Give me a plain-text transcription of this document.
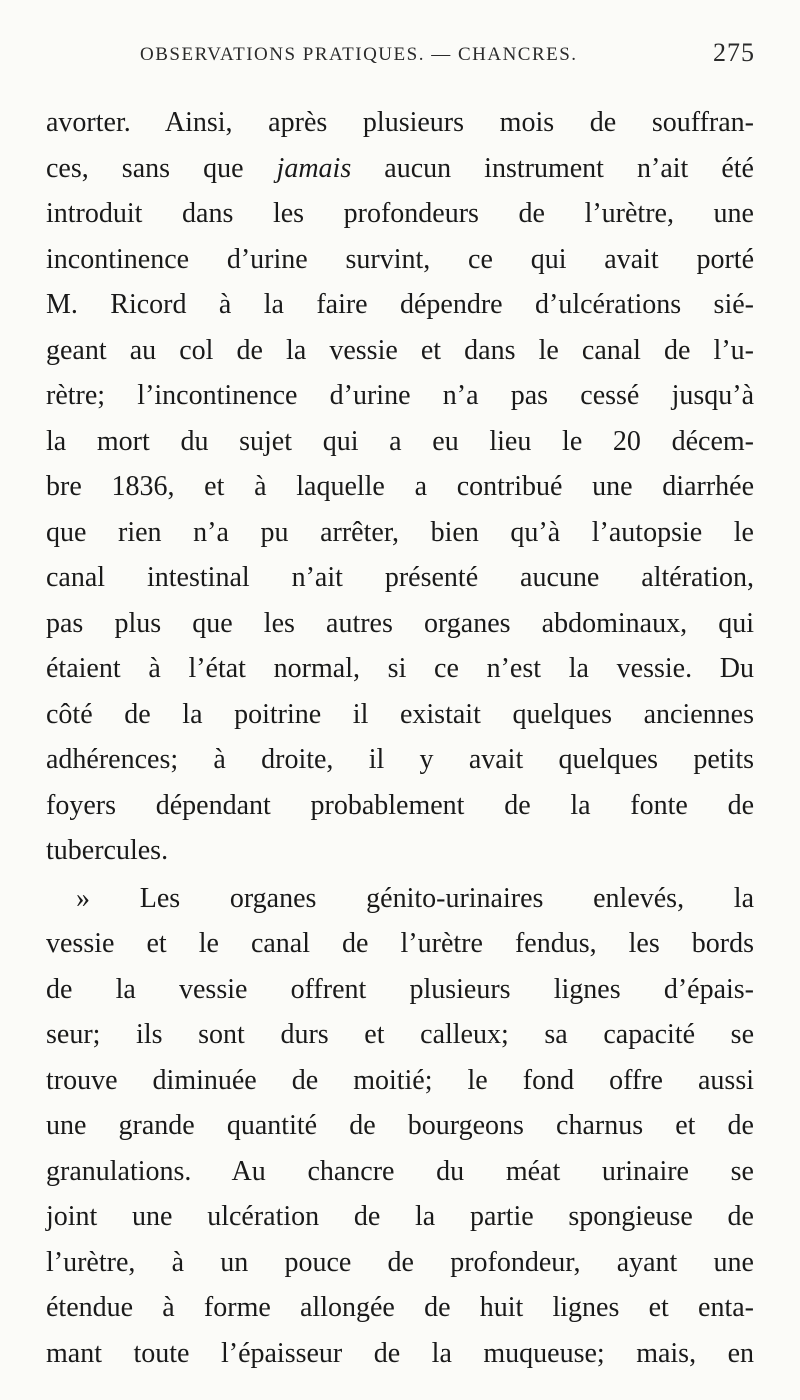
OBSERVATIONS PRATIQUES. — CHANCRES.	275
avorter. Ainsi, après plusieurs mois de souffran-
ces, sans que jamais aucun instrument n’ait été
introduit dans les profondeurs de l’urètre, une
incontinence d’urine survint, ce qui avait porté
M. Ricord à la faire dépendre d’ulcérations sié-
geant au col de la vessie et dans le canal de l’u-
rètre; l’incontinence d’urine n’a pas cessé jusqu’à
la mort du sujet qui a eu lieu le 20 décem-
bre 1836, et à laquelle a contribué une diarrhée
que rien n’a pu arrêter, bien qu’à l’autopsie le
canal intestinal n’ait présenté aucune altération,
pas plus que les autres organes abdominaux, qui
étaient à l’état normal, si ce n’est la vessie. Du
côté de la poitrine il existait quelques anciennes
adhérences; à droite, il y avait quelques petits
foyers dépendant probablement de la fonte de
tubercules.
» Les organes génito-urinaires enlevés, la
vessie et le canal de l’urètre fendus, les bords
de la vessie offrent plusieurs lignes d’épais-
seur; ils sont durs et calleux; sa capacité se
trouve diminuée de moitié; le fond offre aussi
une grande quantité de bourgeons charnus et de
granulations. Au chancre du méat urinaire se
joint une ulcération de la partie spongieuse de
l’urètre, à un pouce de profondeur, ayant une
étendue à forme allongée de huit lignes et enta-
mant toute l’épaisseur de la muqueuse; mais, en
